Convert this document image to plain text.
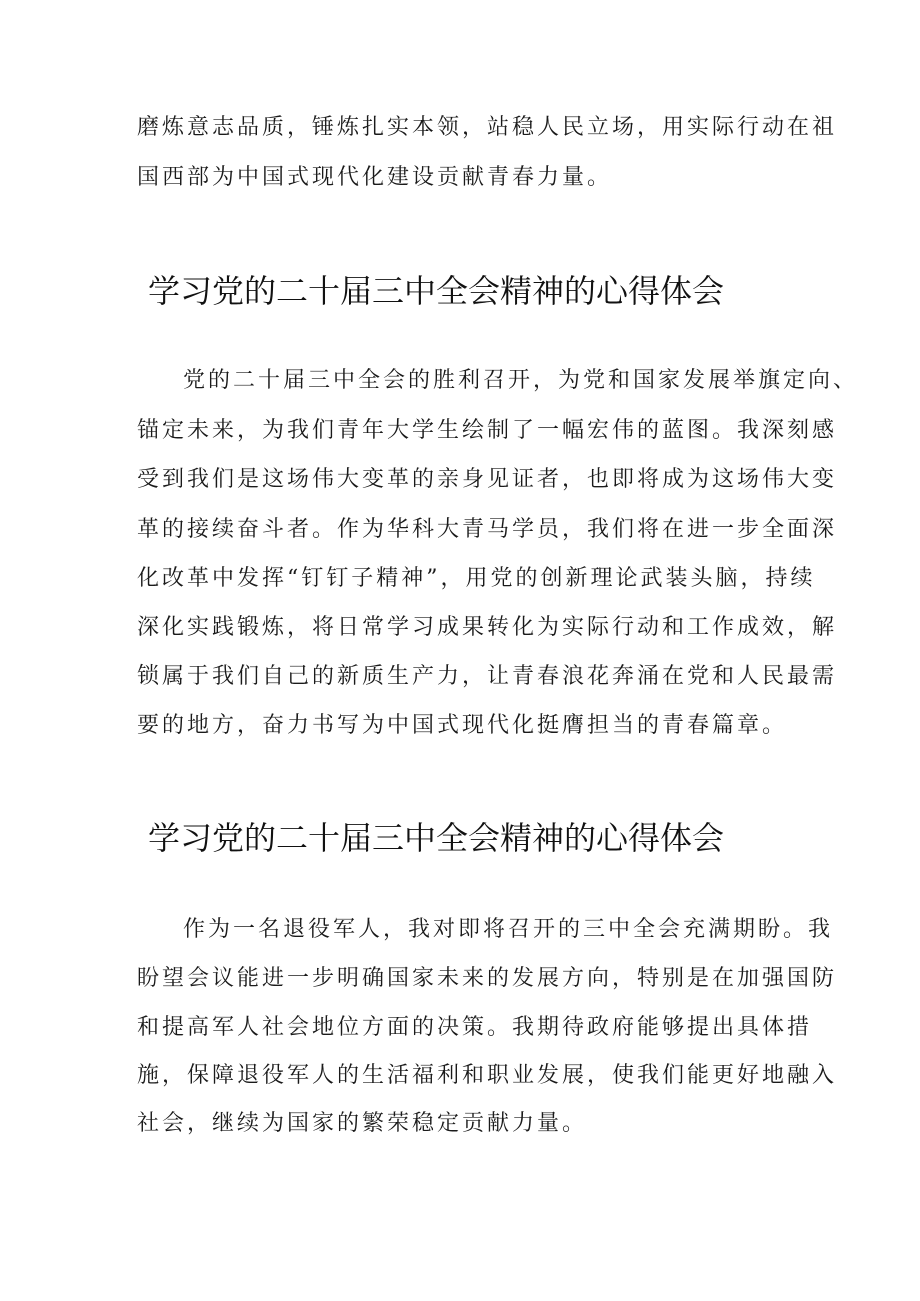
磨炼意志品质，锤炼扎实本领，站稳人民立场，用实际行动在祖
国西部为中国式现代化建设贡献青春力量。
学习党的二十届三中全会精神的心得体会
党的二十届三中全会的胜利召开，为党和国家发展举旗定向、
锚定未来，为我们青年大学生绘制了一幅宏伟的蓝图。我深刻感
受到我们是这场伟大变革的亲身见证者，也即将成为这场伟大变
革的接续奋斗者。作为华科大青马学员，我们将在进一步全面深
化改革中发挥“钉钉子精神”，用党的创新理论武装头脑，持续
深化实践锻炼，将日常学习成果转化为实际行动和工作成效，解
锁属于我们自己的新质生产力，让青春浪花奔涌在党和人民最需
要的地方，奋力书写为中国式现代化挺膺担当的青春篇章。
学习党的二十届三中全会精神的心得体会
作为一名退役军人，我对即将召开的三中全会充满期盼。我
盼望会议能进一步明确国家未来的发展方向，特别是在加强国防
和提高军人社会地位方面的决策。我期待政府能够提出具体措
施，保障退役军人的生活福利和职业发展，使我们能更好地融入
社会，继续为国家的繁荣稳定贡献力量。
